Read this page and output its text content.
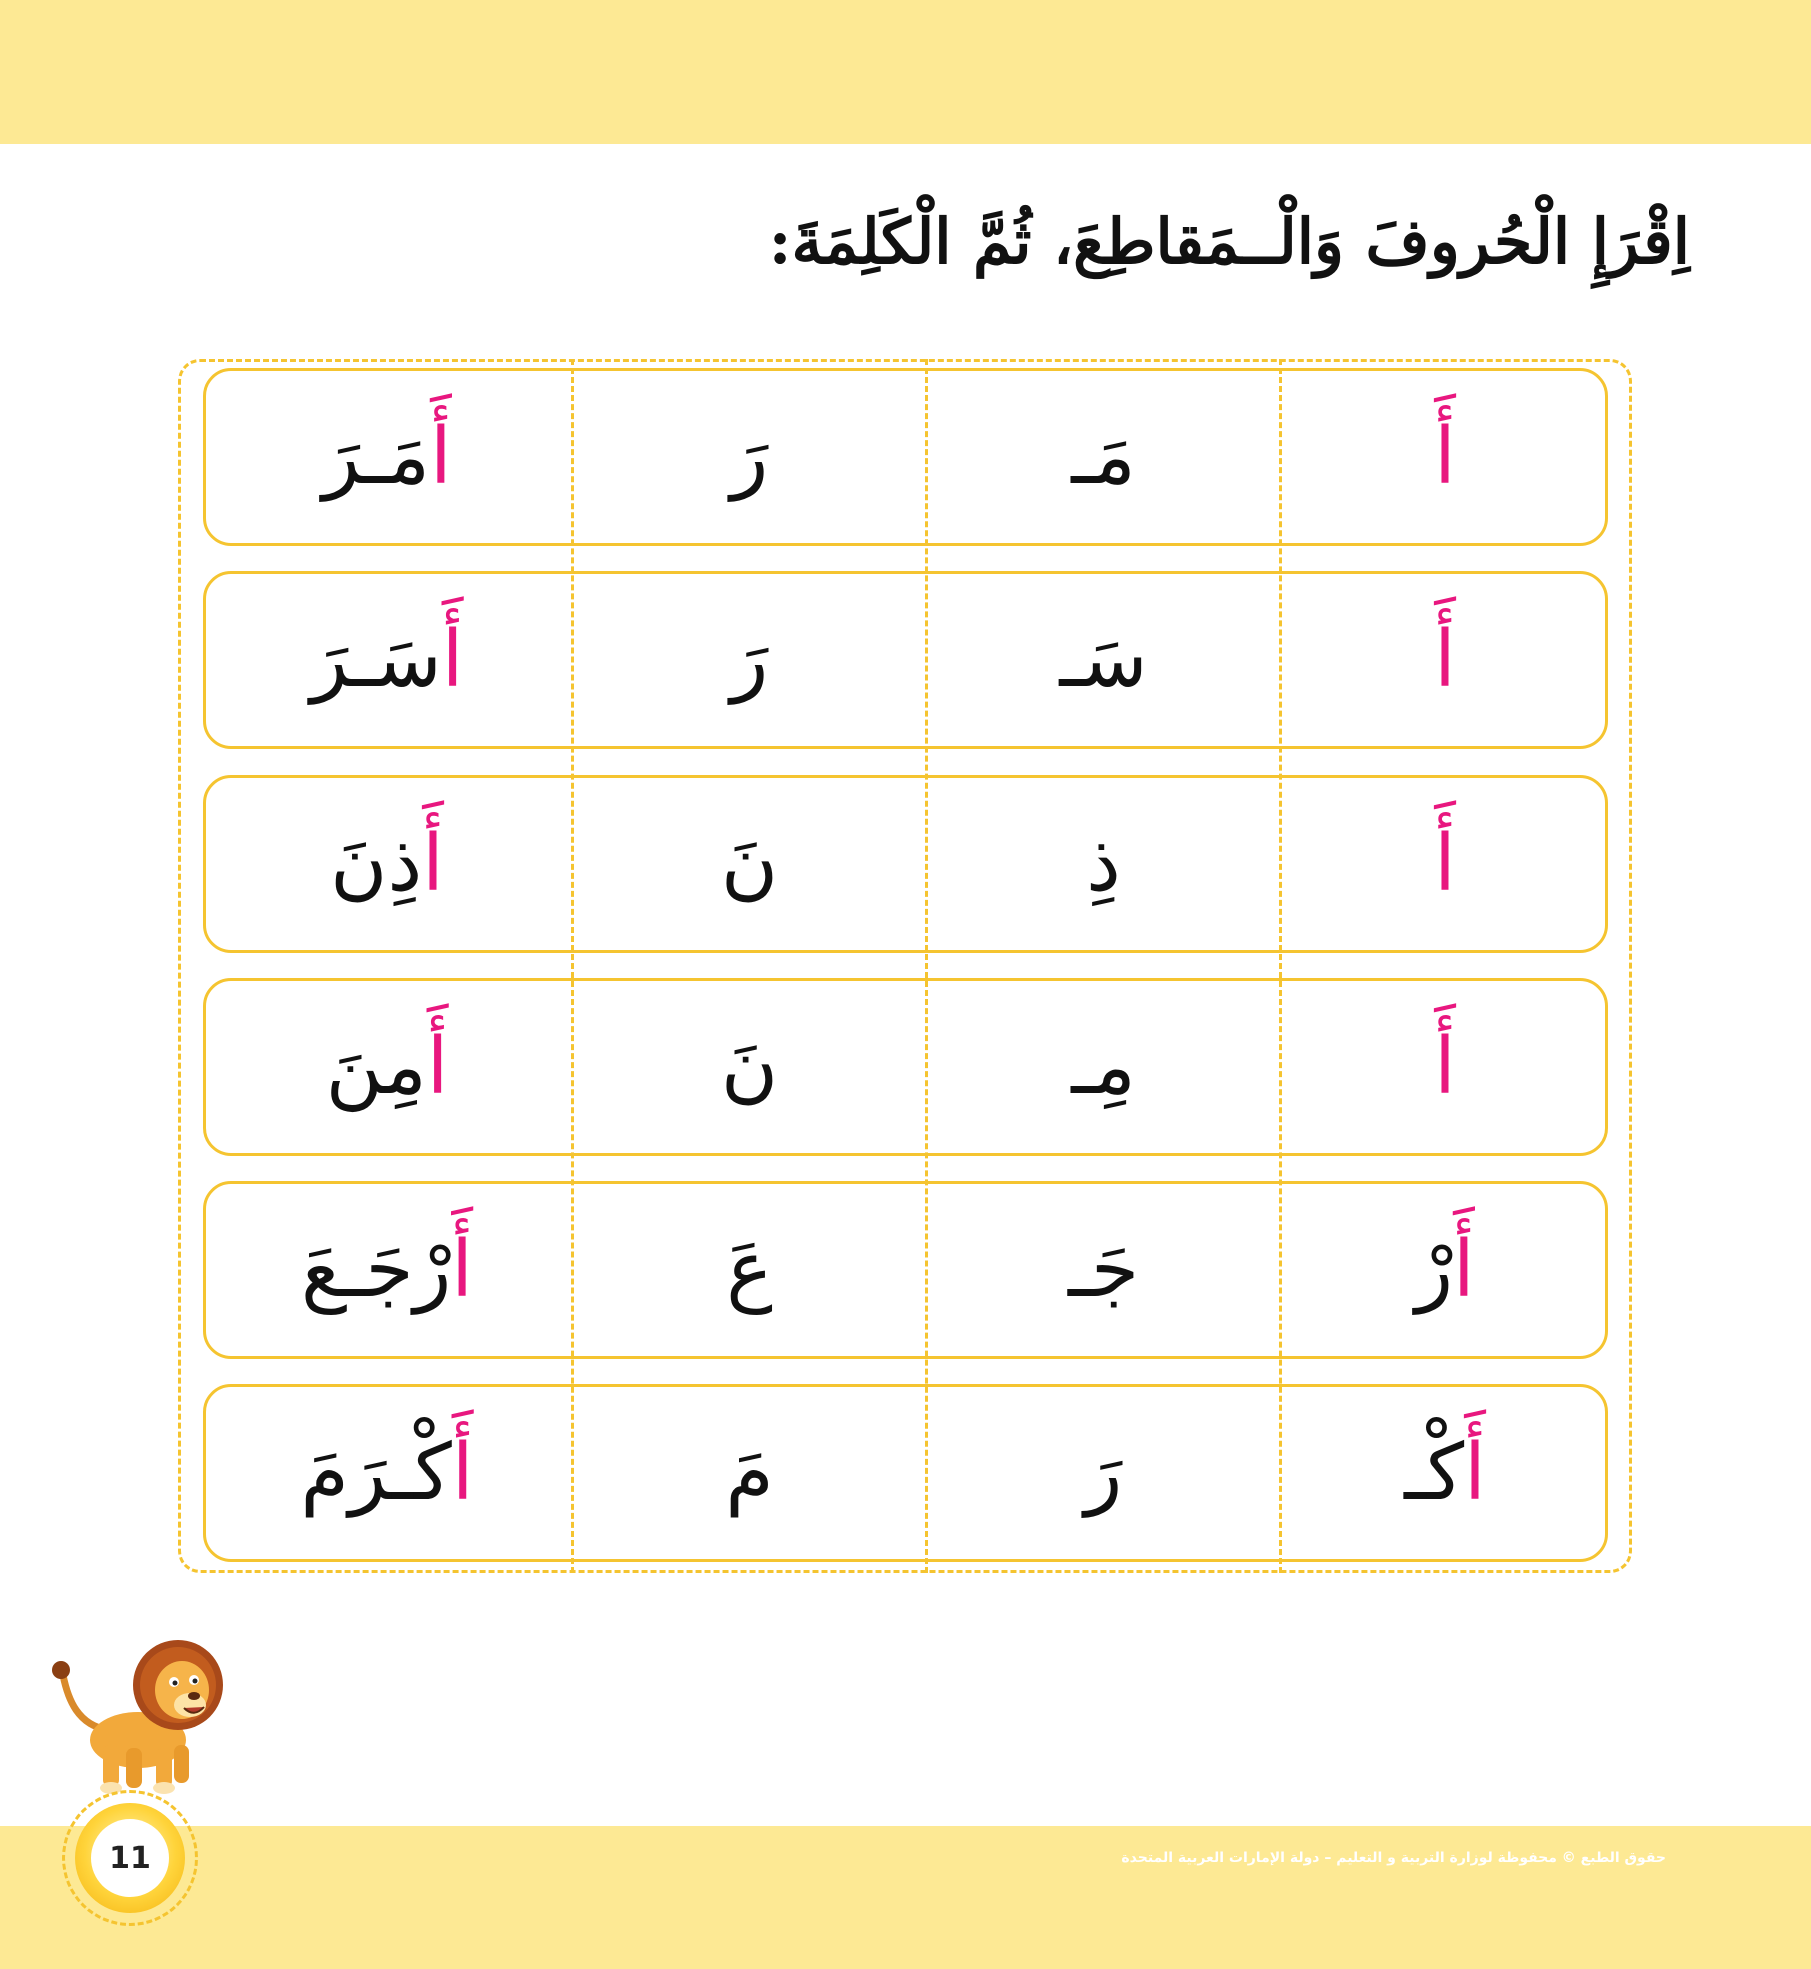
اِقْرَإِ الْحُروفَ وَالْــمَقاطِعَ، ثُمَّ الْكَلِمَةَ:
أَ
مَـ
رَ
أَ
مَـرَ
أَ
سَـ
رَ
أَ
سَـرَ
أَ
ذِ
نَ
أَ
ذِنَ
أَ
مِـ
نَ
أَ
مِنَ
أَ
رْ
جَـ
عَ
أَ
رْجَـعَ
أَ
كْـ
رَ
مَ
أَ
كْـرَمَ
11	حقوق الطبع © محفوظة لوزارة التربية و التعليم – دولة الإمارات العربية المتحدة
